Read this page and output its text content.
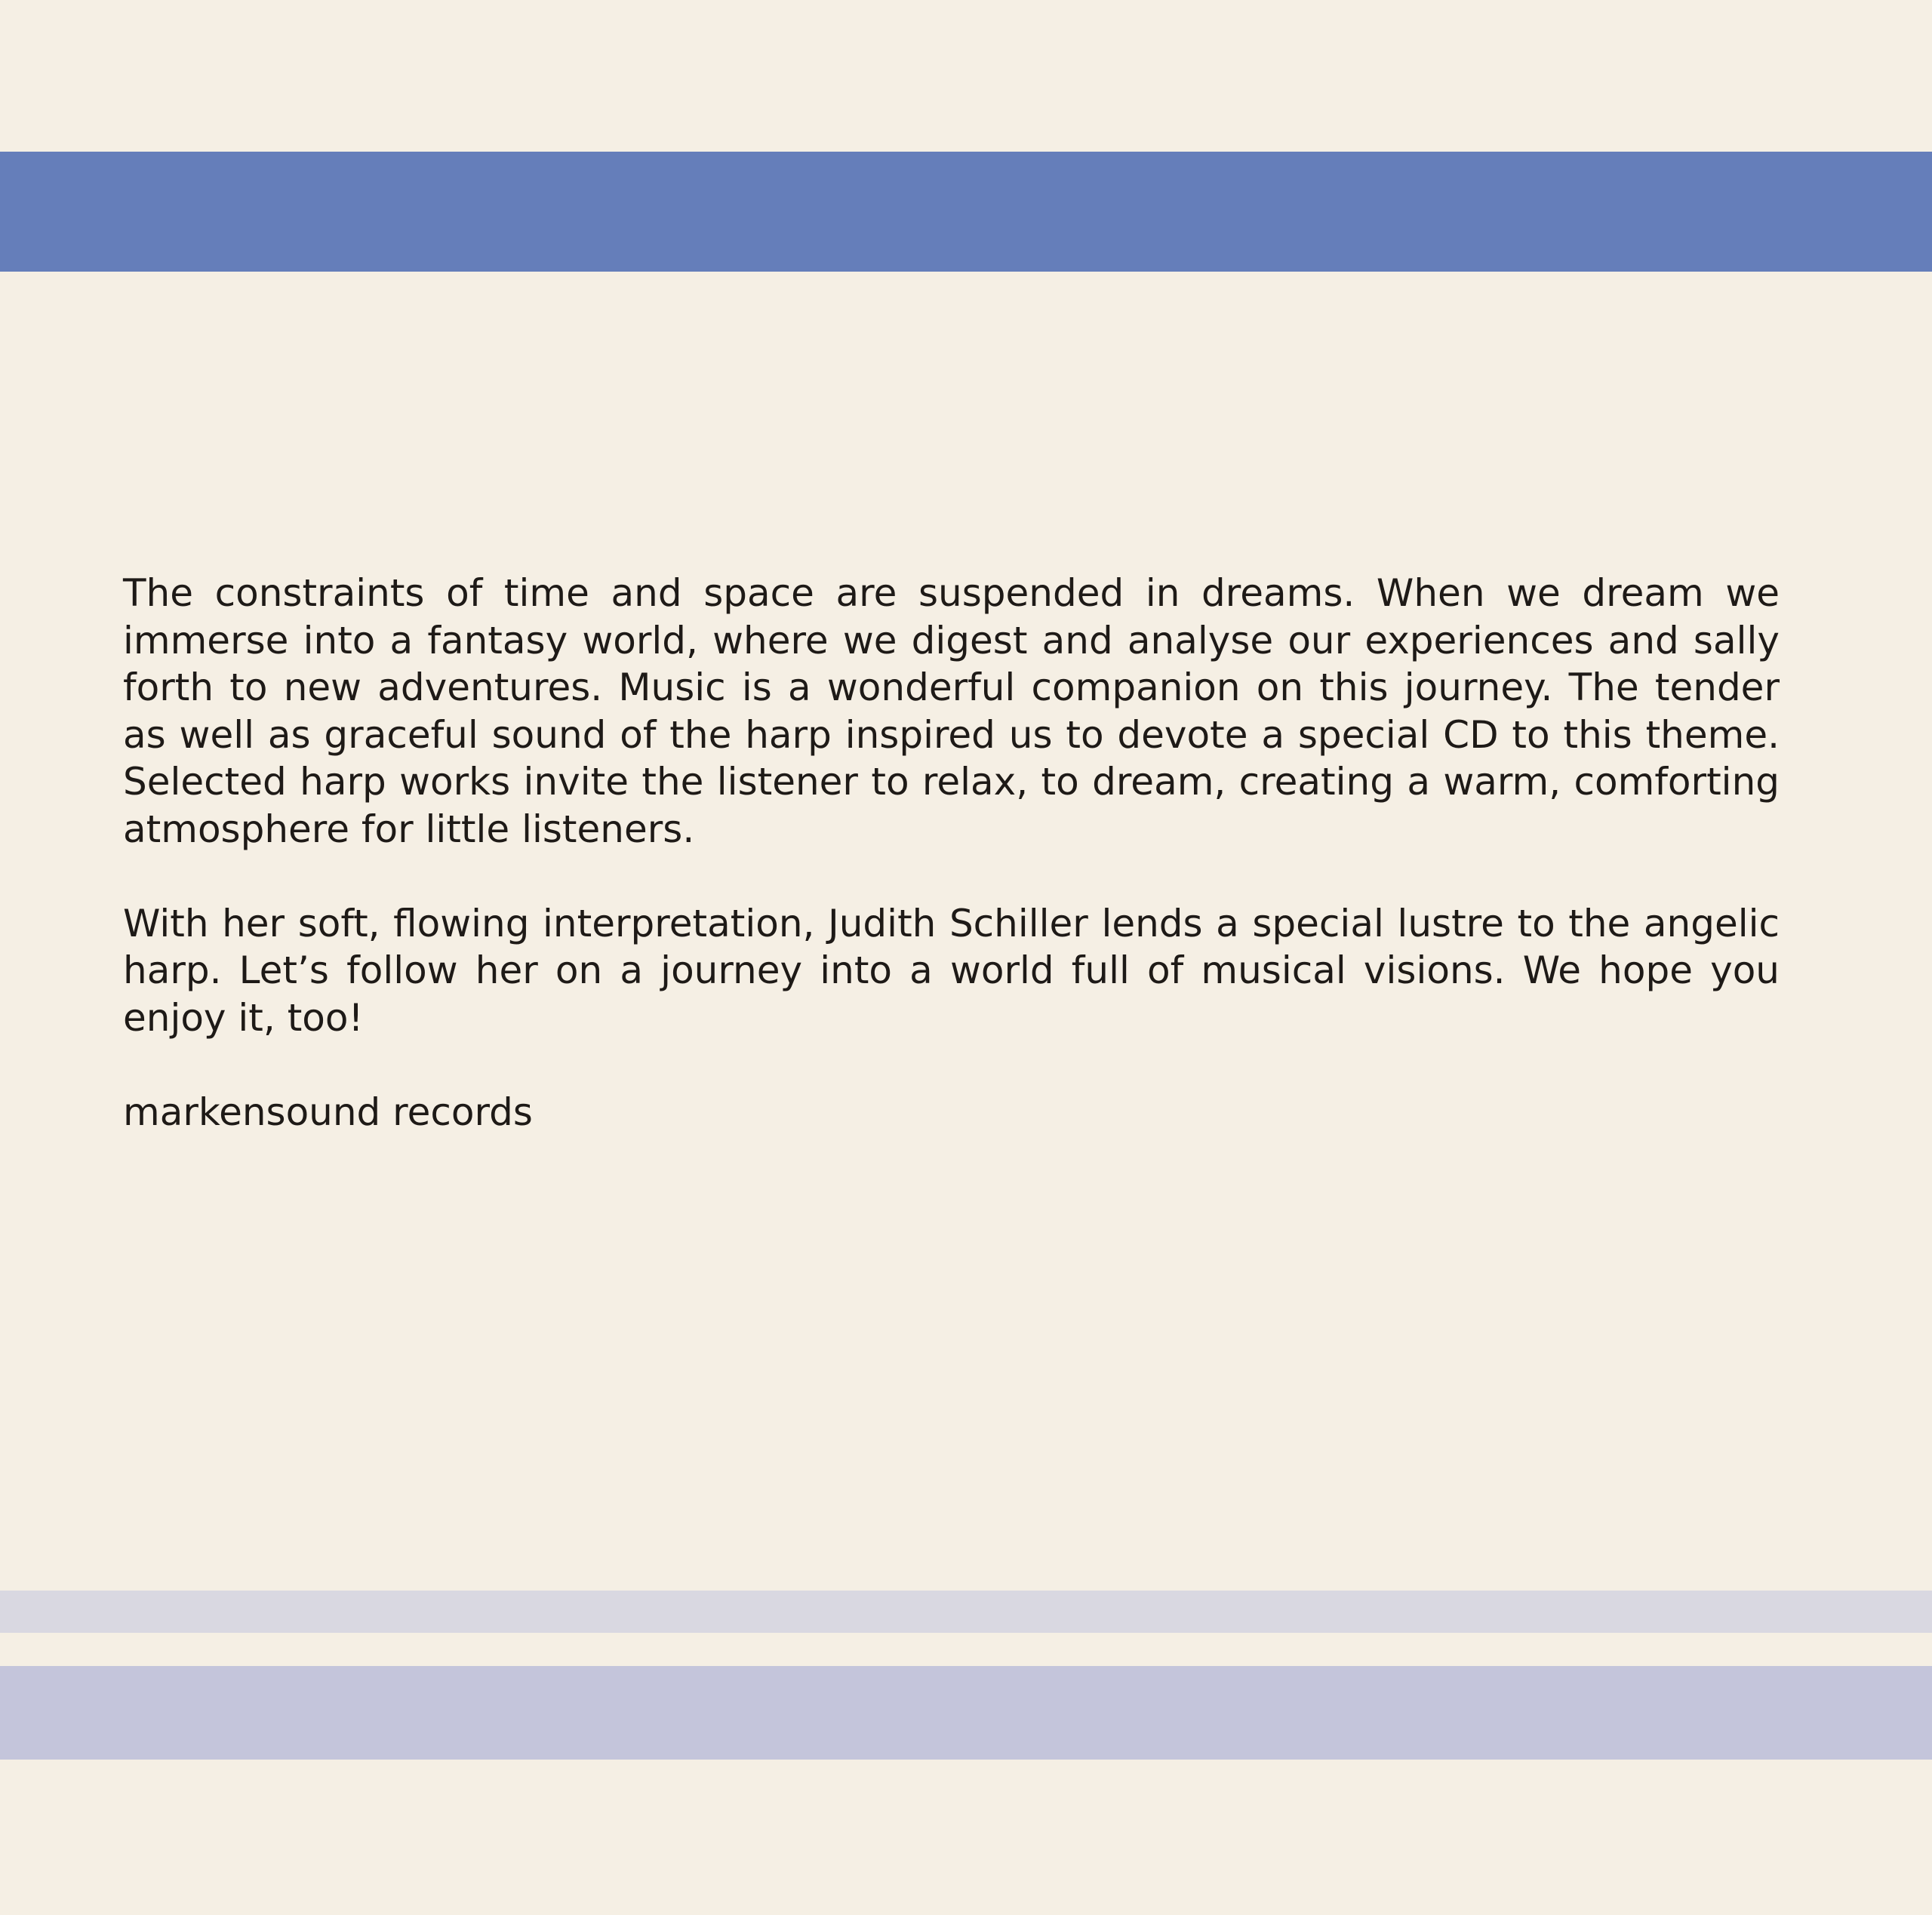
The constraints of time and space are suspended in dreams. When we dream we immerse into a fantasy world, where we digest and analyse our experiences and sally forth to new adventures. Music is a wonderful companion on this journey. The tender as well as graceful sound of the harp inspired us to devote a special CD to this theme. Selected harp works invite the listener to relax, to dream, creating a warm, comforting atmosphere for little listeners.

With her soft, flowing interpretation, Judith Schiller lends a special lustre to the angelic harp. Let’s follow her on a journey into a world full of musical visions. We hope you enjoy it, too!

markensound records
